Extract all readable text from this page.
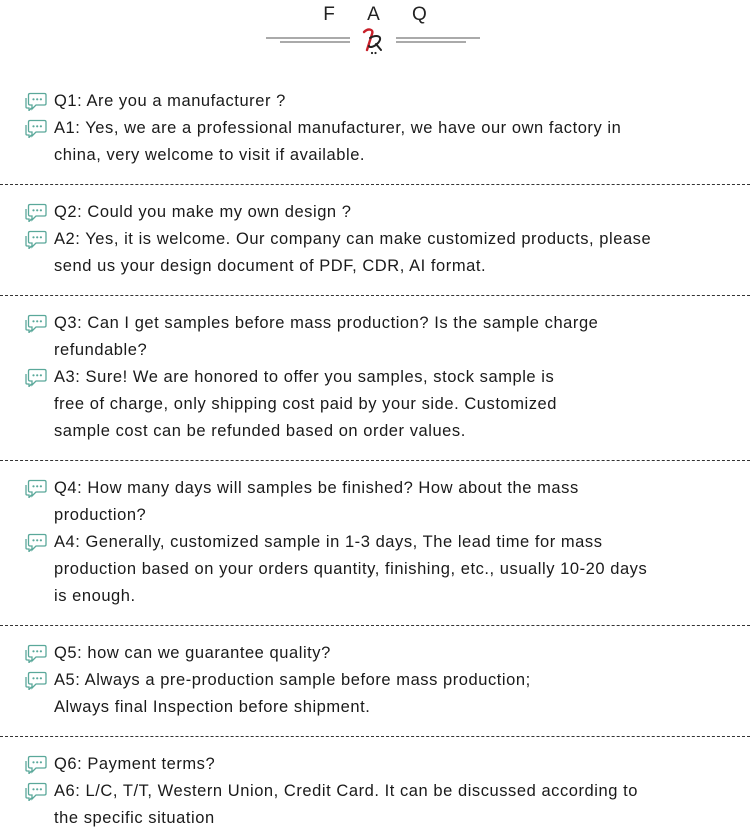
F A Q
Q1: Are you a manufacturer ?
A1: Yes, we are a professional manufacturer, we have our own factory in
china, very welcome to visit if available.
Q2: Could you make my own design ?
A2: Yes, it is welcome. Our company can make customized products, please
send us your design document of PDF, CDR, AI format.
Q3: Can I get samples before mass production? Is the sample charge
refundable?
A3: Sure! We are honored to offer you samples, stock sample is
free of charge, only shipping cost paid by your side. Customized
sample cost can be refunded based on order values.
Q4: How many days will samples be finished? How about the mass
production?
A4: Generally, customized sample in 1-3 days, The lead time for mass
production based on your orders quantity, finishing, etc., usually 10-20 days
is enough.
Q5: how can we guarantee quality?
A5: Always a pre-production sample before mass production;
Always final Inspection before shipment.
Q6: Payment terms?
A6: L/C, T/T, Western Union, Credit Card. It can be discussed according to
the specific situation
